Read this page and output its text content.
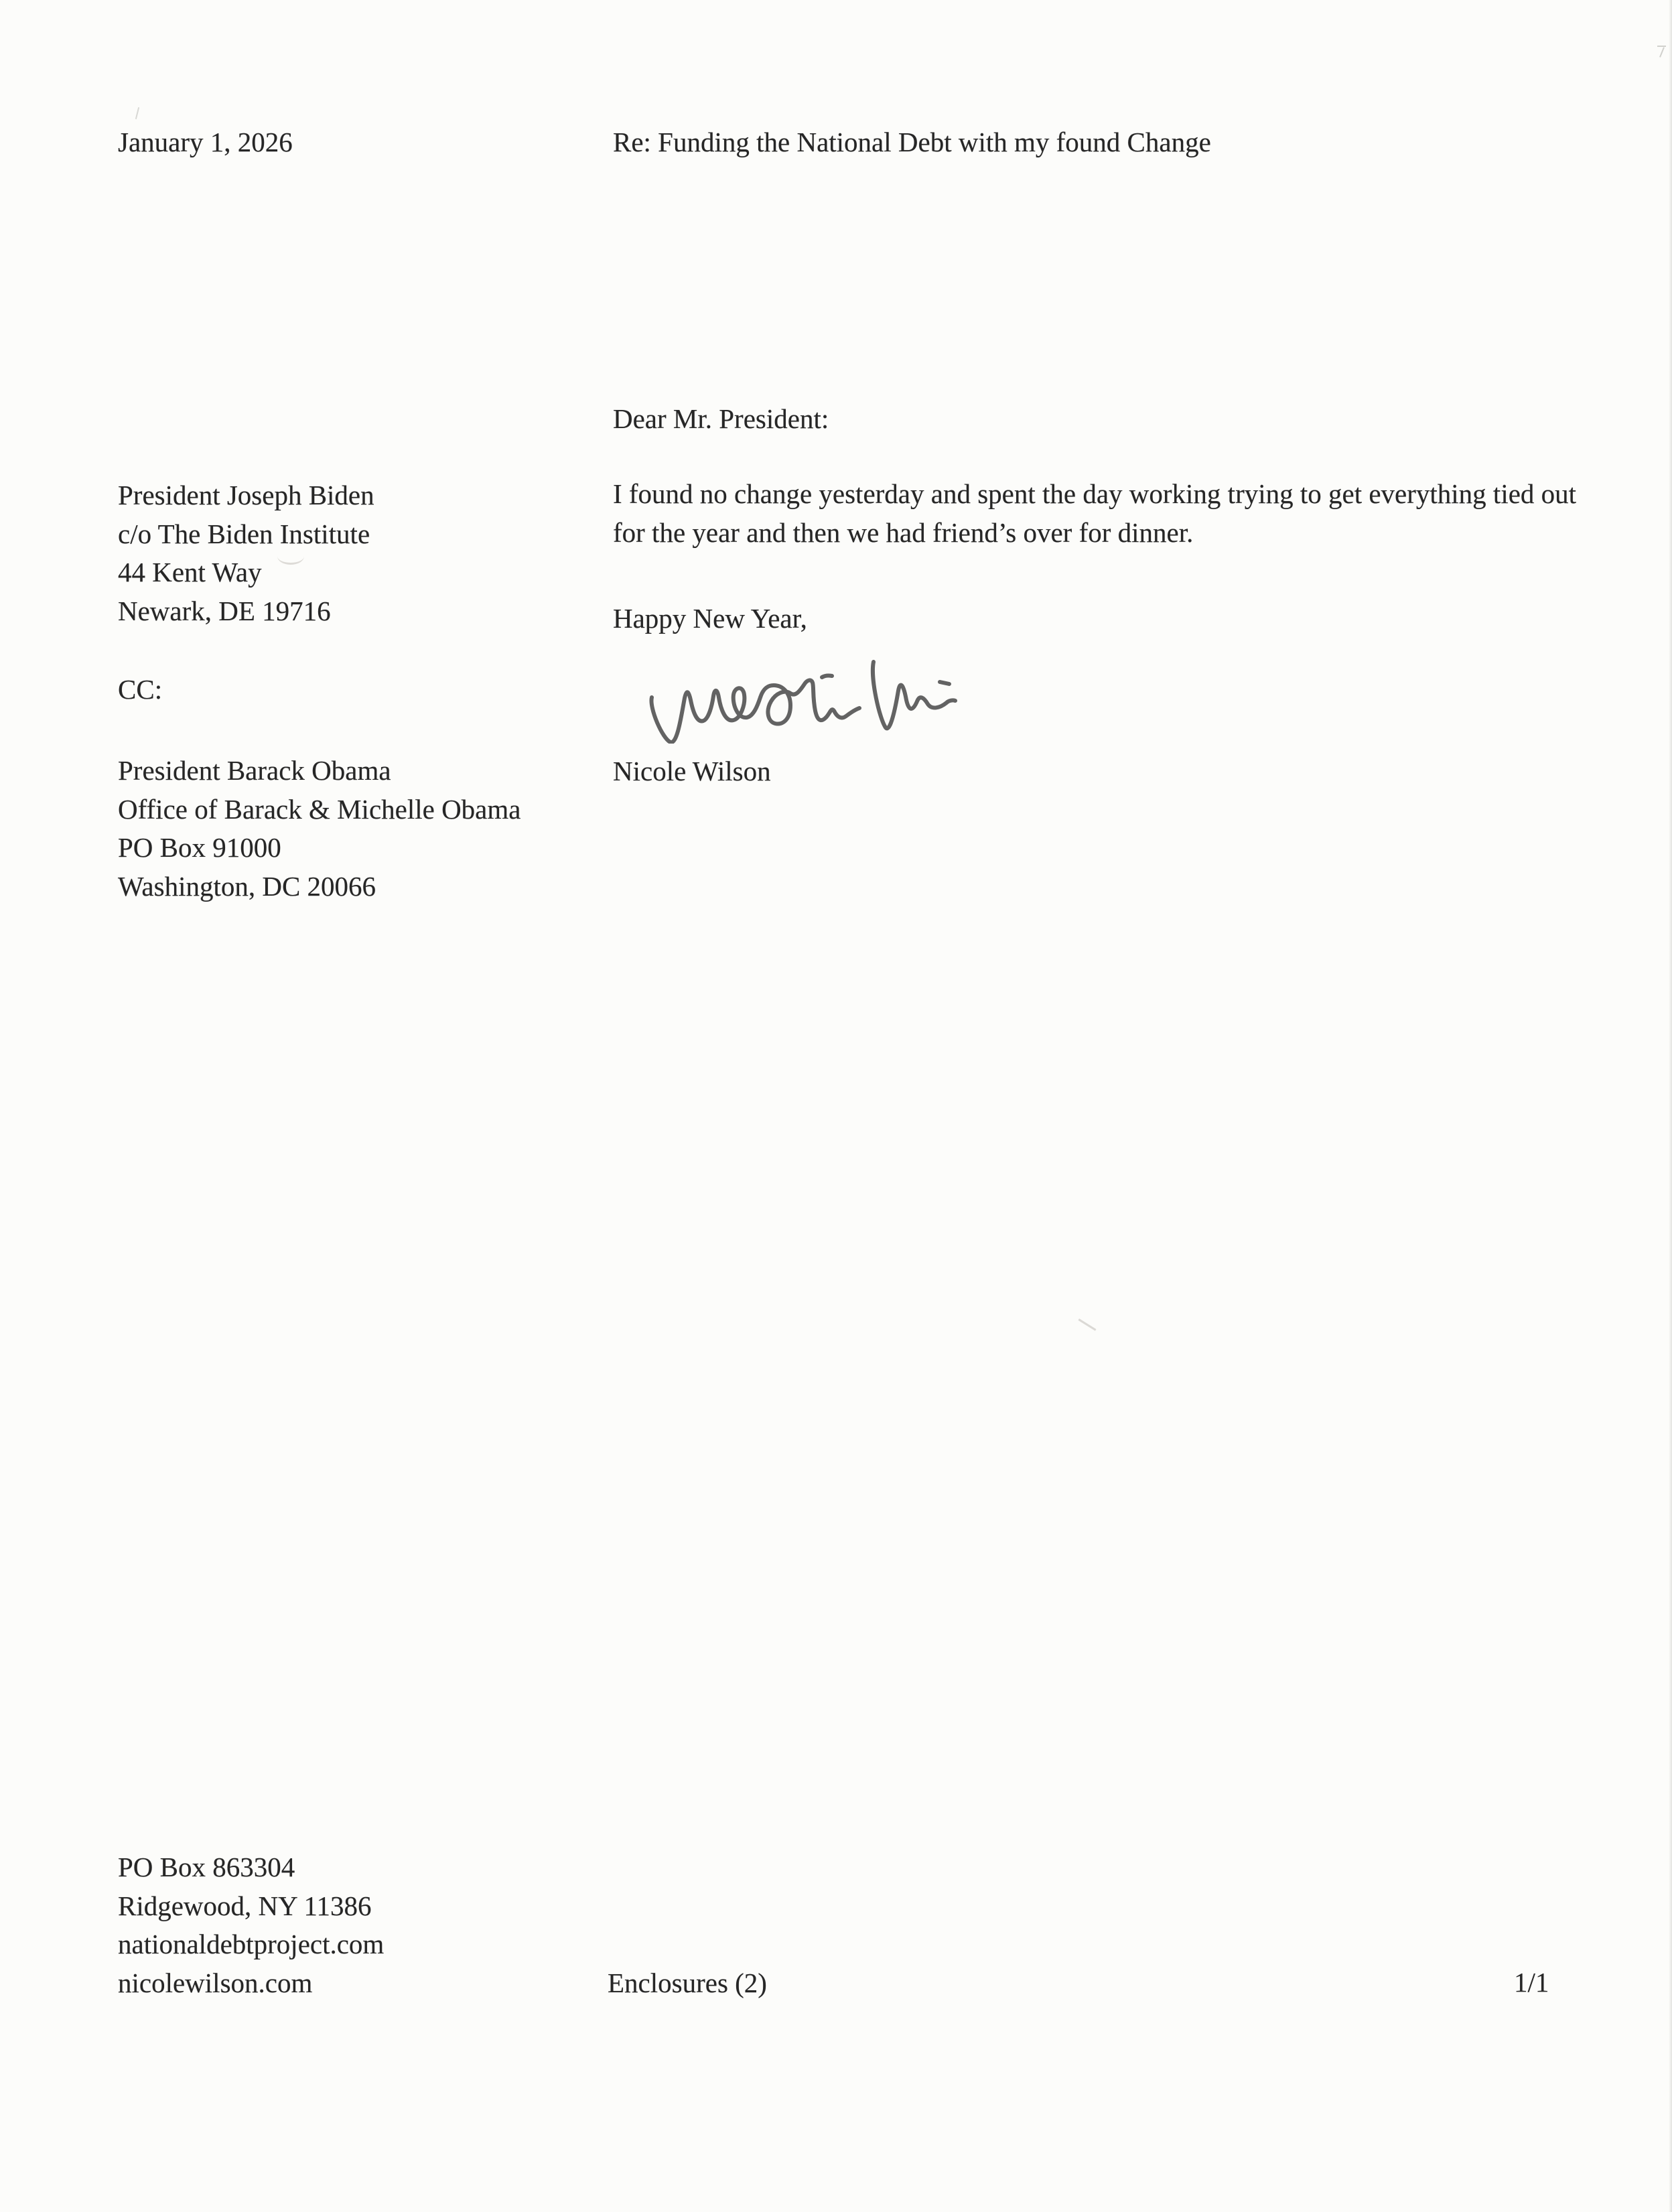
January 1, 2026	Re: Funding the National Debt with my found Change
Dear Mr. President:
I found no change yesterday and spent the day working trying to get everything tied out for the year and then we had friend’s over for dinner.
President Joseph Biden
c/o The Biden Institute
44 Kent Way
Newark, DE 19716	Happy New Year,
CC:
President Barack Obama
Office of Barack & Michelle Obama
PO Box 91000
Washington, DC 20066
Nicole Wilson
PO Box 863304
Ridgewood, NY 11386
nationaldebtproject.com
nicolewilson.com	Enclosures (2)	1/1
